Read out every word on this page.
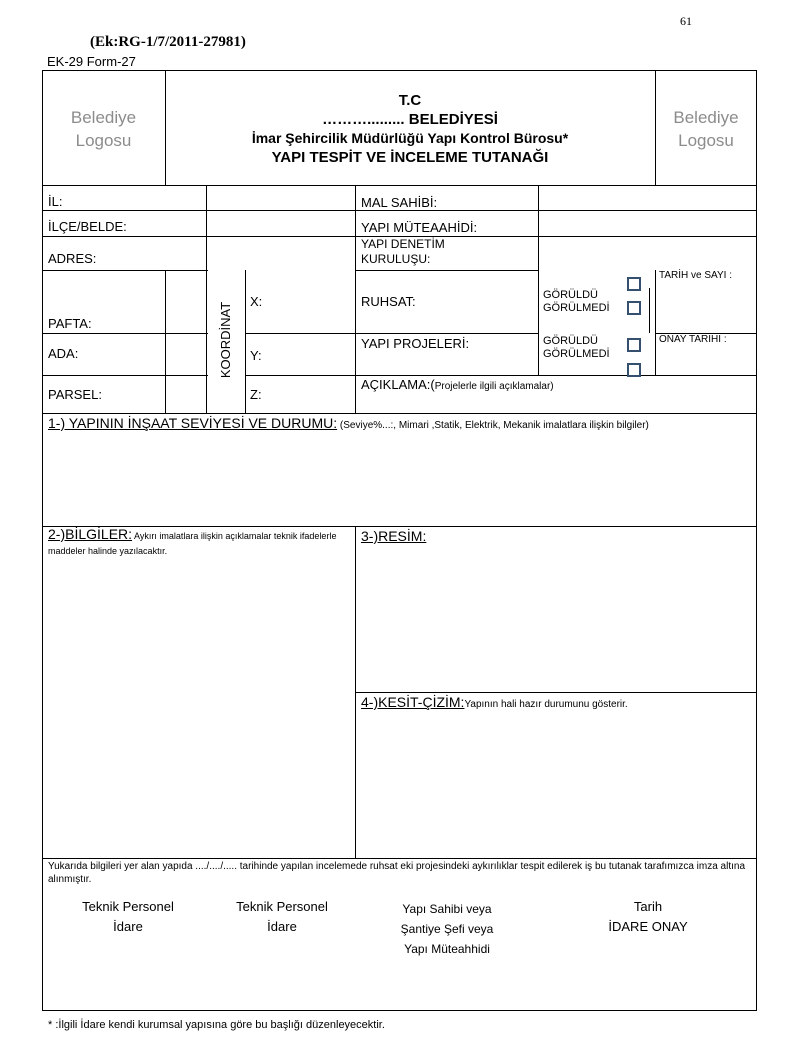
61
(Ek:RG-1/7/2011-27981)
EK-29 Form-27
Belediye
Logosu
Belediye
Logosu
T.C
………......... BELEDİYESİ
İmar Şehircilik Müdürlüğü Yapı Kontrol Bürosu*
YAPI TESPİT VE İNCELEME TUTANAĞI
İL:
İLÇE/BELDE:
ADRES:
PAFTA:
ADA:
PARSEL:
KOORDİNAT
X:
Y:
Z:
MAL SAHİBİ:
YAPI MÜTEAAHİDİ:
YAPI DENETİM
KURULUŞU:
RUHSAT:
YAPI PROJELERİ:
AÇIKLAMA:(Projelerle ilgili açıklamalar)
GÖRÜLDÜ
GÖRÜLMEDİ
TARİH ve SAYI :
GÖRÜLDÜ
GÖRÜLMEDİ
ONAY TARİHİ :
1-) YAPININ İNŞAAT SEVİYESİ VE DURUMU: (Seviye%...:, Mimari ,Statik, Elektrik, Mekanik imalatlara ilişkin bilgiler)
2-)BİLGİLER: Aykırı imalatlara ilişkin açıklamalar teknik ifadelerle maddeler halinde yazılacaktır.
3-)RESİM:
4-)KESİT-ÇİZİM:Yapının hali hazır durumunu gösterir.
Yukarıda bilgileri yer alan yapıda ..../..../..... tarihinde yapılan incelemede ruhsat eki projesindeki aykırılıklar tespit edilerek iş bu tutanak tarafımızca imza altına alınmıştır.
Teknik Personel
İdare
Teknik Personel
İdare
Yapı Sahibi veya
Şantiye Şefi veya
Yapı Müteahhidi
Tarih
İDARE ONAY
* :İlgili İdare kendi kurumsal yapısına göre bu başlığı düzenleyecektir.
